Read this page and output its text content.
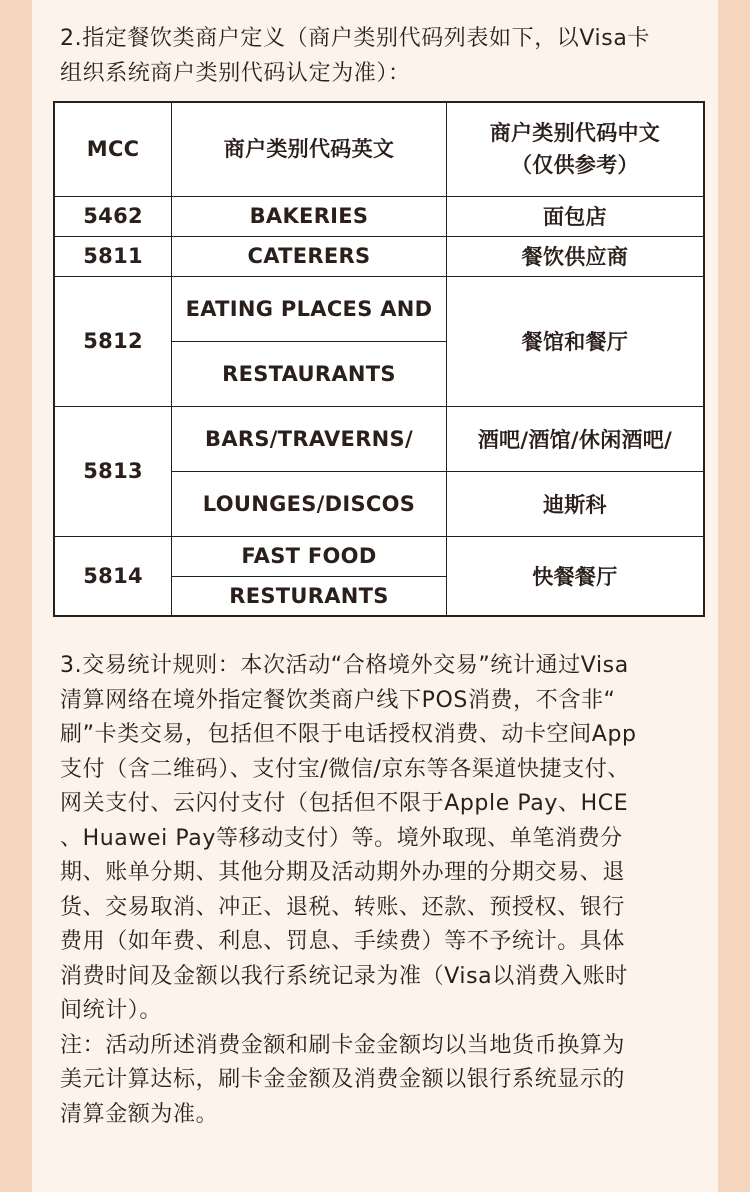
2.指定餐饮类商户定义（商户类别代码列表如下，以Visa卡
组织系统商户类别代码认定为准）：
MCC	商户类别代码英文	商户类别代码中文
（仅供参考）

5462	BAKERIES	面包店
5811	CATERERS	餐饮供应商
5812	EATING PLACES AND	餐馆和餐厅
	RESTAURANTS	
5813	BARS/TRAVERNS/	酒吧/酒馆/休闲酒吧/
	LOUNGES/DISCOS	迪斯科
5814	FAST FOOD	快餐餐厅
	RESTURANTS	

3.交易统计规则：本次活动“合格境外交易”统计通过Visa

清算网络在境外指定餐饮类商户线下POS消费，不含非“

刷”卡类交易，包括但不限于电话授权消费、动卡空间App

支付（含二维码）、支付宝/微信/京东等各渠道快捷支付、

网关支付、云闪付支付（包括但不限于Apple Pay、HCE

、Huawei Pay等移动支付）等。境外取现、单笔消费分

期、账单分期、其他分期及活动期外办理的分期交易、退

货、交易取消、冲正、退税、转账、还款、预授权、银行

费用（如年费、利息、罚息、手续费）等不予统计。具体

消费时间及金额以我行系统记录为准（Visa以消费入账时

间统计）。

注：活动所述消费金额和刷卡金金额均以当地货币换算为

美元计算达标，刷卡金金额及消费金额以银行系统显示的

清算金额为准。
